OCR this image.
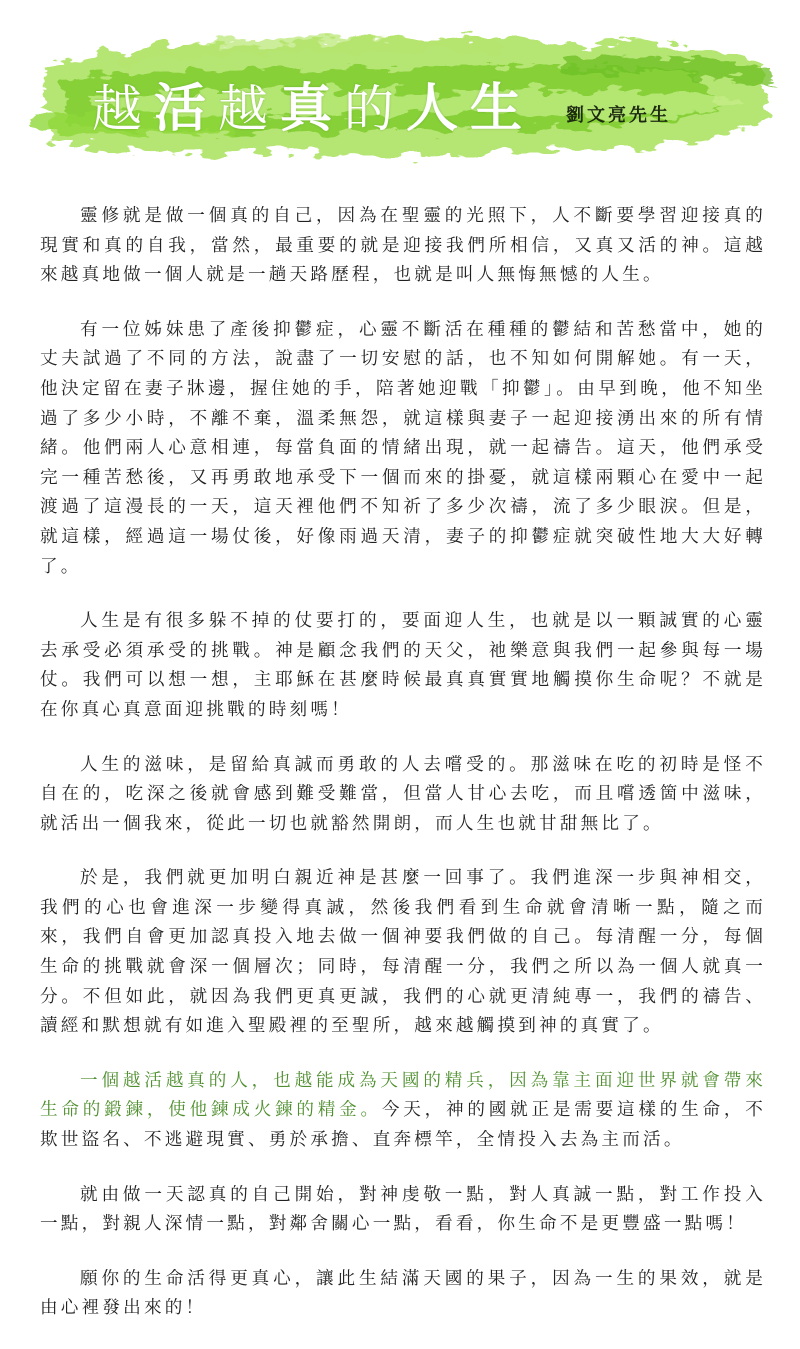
越活越真的人生 劉文亮先生

靈修就是做一個真的自己，因為在聖靈的光照下，人不斷要學習迎接真的現實和真的自我，當然，最重要的就是迎接我們所相信，又真又活的神。這越來越真地做一個人就是一趟天路歷程，也就是叫人無悔無憾的人生。

有一位姊妹患了產後抑鬱症，心靈不斷活在種種的鬱結和苦愁當中，她的丈夫試過了不同的方法，說盡了一切安慰的話，也不知如何開解她。有一天，他決定留在妻子牀邊，握住她的手，陪著她迎戰「抑鬱」。由早到晚，他不知坐過了多少小時，不離不棄，溫柔無怨，就這樣與妻子一起迎接湧出來的所有情緒。他們兩人心意相連，每當負面的情緒出現，就一起禱告。這天，他們承受完一種苦愁後，又再勇敢地承受下一個而來的掛憂，就這樣兩顆心在愛中一起渡過了這漫長的一天，這天裡他們不知祈了多少次禱，流了多少眼淚。但是，就這樣，經過這一場仗後，好像雨過天清，妻子的抑鬱症就突破性地大大好轉了。

人生是有很多躲不掉的仗要打的，要面迎人生，也就是以一顆誠實的心靈去承受必須承受的挑戰。神是顧念我們的天父，祂樂意與我們一起參與每一場仗。我們可以想一想，主耶穌在甚麼時候最真真實實地觸摸你生命呢？不就是在你真心真意面迎挑戰的時刻嗎！

人生的滋味，是留給真誠而勇敢的人去嚐受的。那滋味在吃的初時是怪不自在的，吃深之後就會感到難受難當，但當人甘心去吃，而且嚐透箇中滋味，就活出一個我來，從此一切也就豁然開朗，而人生也就甘甜無比了。

於是，我們就更加明白親近神是甚麼一回事了。我們進深一步與神相交，我們的心也會進深一步變得真誠，然後我們看到生命就會清晰一點，隨之而來，我們自會更加認真投入地去做一個神要我們做的自己。每清醒一分，每個生命的挑戰就會深一個層次；同時，每清醒一分，我們之所以為一個人就真一分。不但如此，就因為我們更真更誠，我們的心就更清純專一，我們的禱告、讀經和默想就有如進入聖殿裡的至聖所，越來越觸摸到神的真實了。

一個越活越真的人，也越能成為天國的精兵，因為靠主面迎世界就會帶來生命的鍛鍊，使他鍊成火鍊的精金。今天，神的國就正是需要這樣的生命，不欺世盜名、不逃避現實、勇於承擔、直奔標竿，全情投入去為主而活。

就由做一天認真的自己開始，對神虔敬一點，對人真誠一點，對工作投入一點，對親人深情一點，對鄰舍關心一點，看看，你生命不是更豐盛一點嗎！

願你的生命活得更真心，讓此生結滿天國的果子，因為一生的果效，就是由心裡發出來的！
